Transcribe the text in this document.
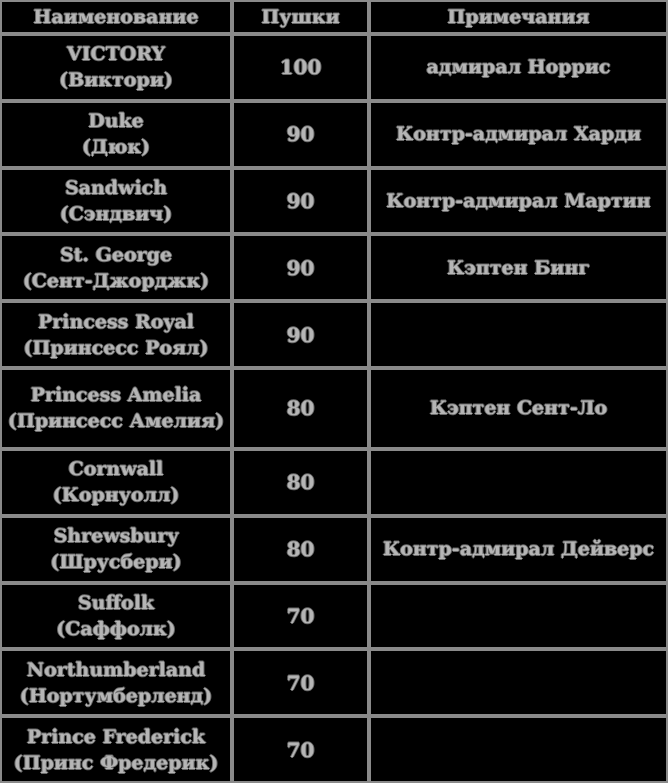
Наименование	Пушки	Примечания

VICTORY
(Виктори)	100	адмирал Норрис

Duke
(Дюк)	90	Контр-адмирал Харди

Sandwich
(Сэндвич)	90	Контр-адмирал Мартин

St. George
(Сент-Джорджк)	90	Кэптен Бинг

Princess Royal
(Принсесс Роял)	90	

Princess Amelia
(Принсесс Амелия)	80	Кэптен Сент-Ло

Cornwall
(Корнуолл)	80	

Shrewsbury
(Шрусбери)	80	Контр-адмирал Дейверс

Suffolk
(Саффолк)	70	

Northumberland
(Нортумберленд)	70	

Prince Frederick
(Принс Фредерик)	70	
